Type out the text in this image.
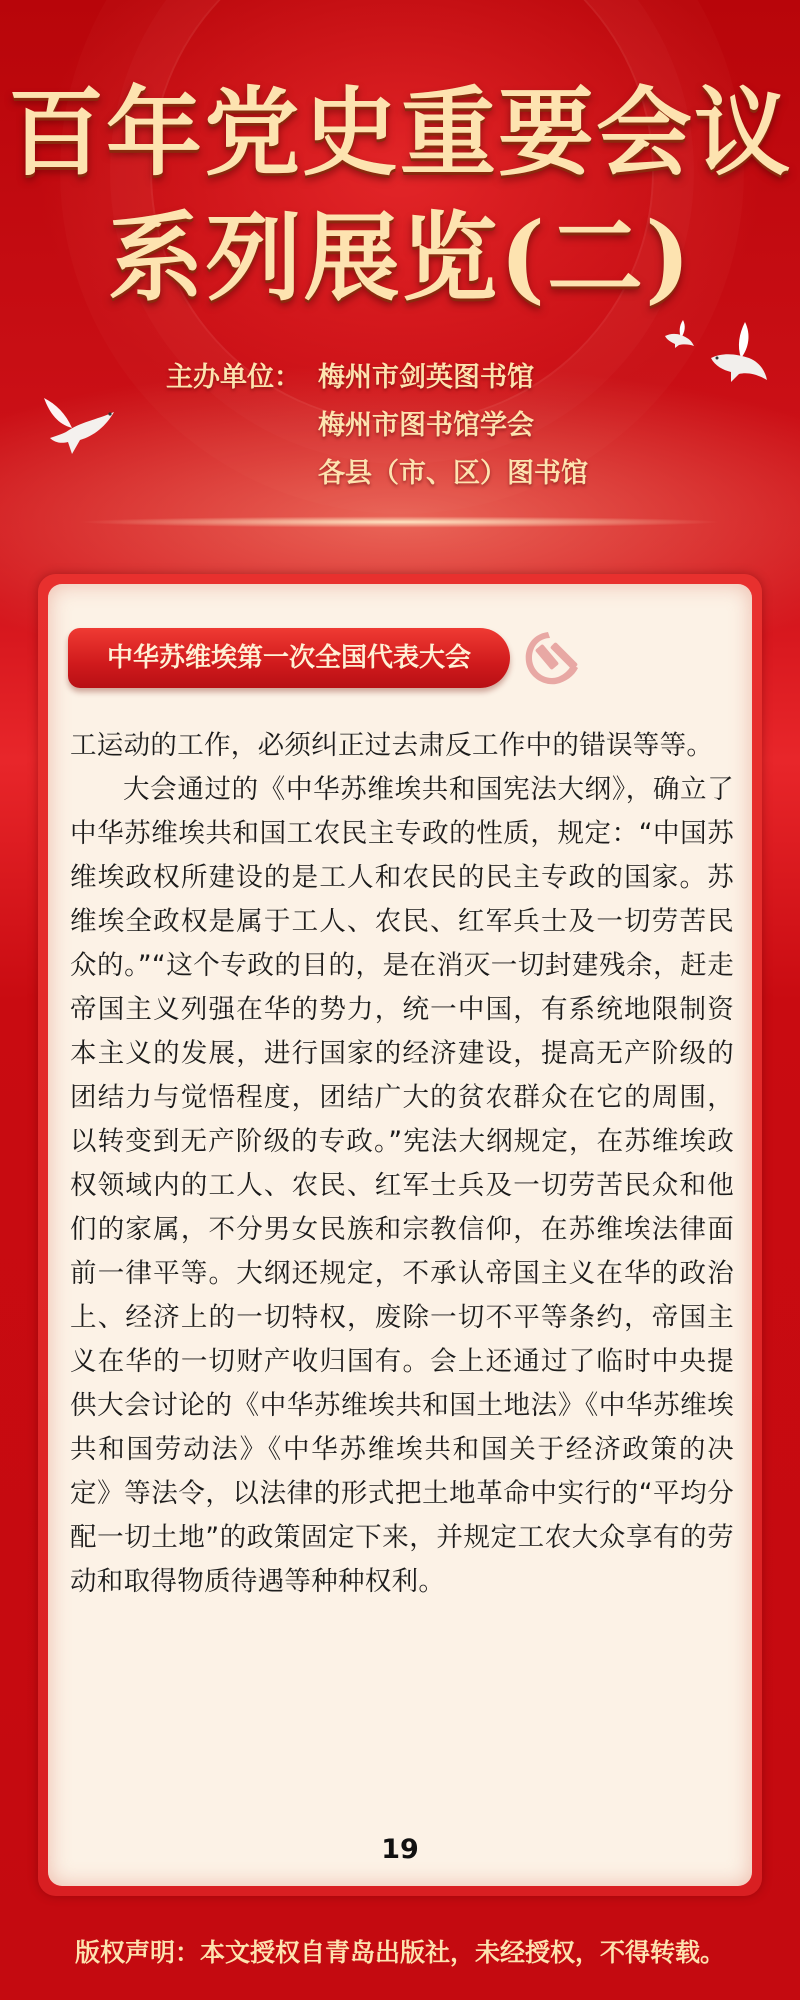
百年党史重要会议
系列展览(二)
主办单位： 梅州市剑英图书馆
梅州市图书馆学会
各县（市、区）图书馆
中华苏维埃第一次全国代表大会

工运动的工作，必须纠正过去肃反工作中的错误等等。

大会通过的《中华苏维埃共和国宪法大纲》，确立了中华苏维埃共和国工农民主专政的性质，规定：“中国苏维埃政权所建设的是工人和农民的民主专政的国家。苏维埃全政权是属于工人、农民、红军兵士及一切劳苦民众的。”“这个专政的目的，是在消灭一切封建残余，赶走帝国主义列强在华的势力，统一中国，有系统地限制资本主义的发展，进行国家的经济建设，提高无产阶级的团结力与觉悟程度，团结广大的贫农群众在它的周围，以转变到无产阶级的专政。”宪法大纲规定，在苏维埃政权领域内的工人、农民、红军士兵及一切劳苦民众和他们的家属，不分男女民族和宗教信仰，在苏维埃法律面前一律平等。大纲还规定，不承认帝国主义在华的政治上、经济上的一切特权，废除一切不平等条约，帝国主义在华的一切财产收归国有。会上还通过了临时中央提供大会讨论的《中华苏维埃共和国土地法》《中华苏维埃共和国劳动法》《中华苏维埃共和国关于经济政策的决定》等法令，以法律的形式把土地革命中实行的“平均分配一切土地”的政策固定下来，并规定工农大众享有的劳动和取得物质待遇等种种权利。

19
版权声明：本文授权自青岛出版社，未经授权，不得转载。
